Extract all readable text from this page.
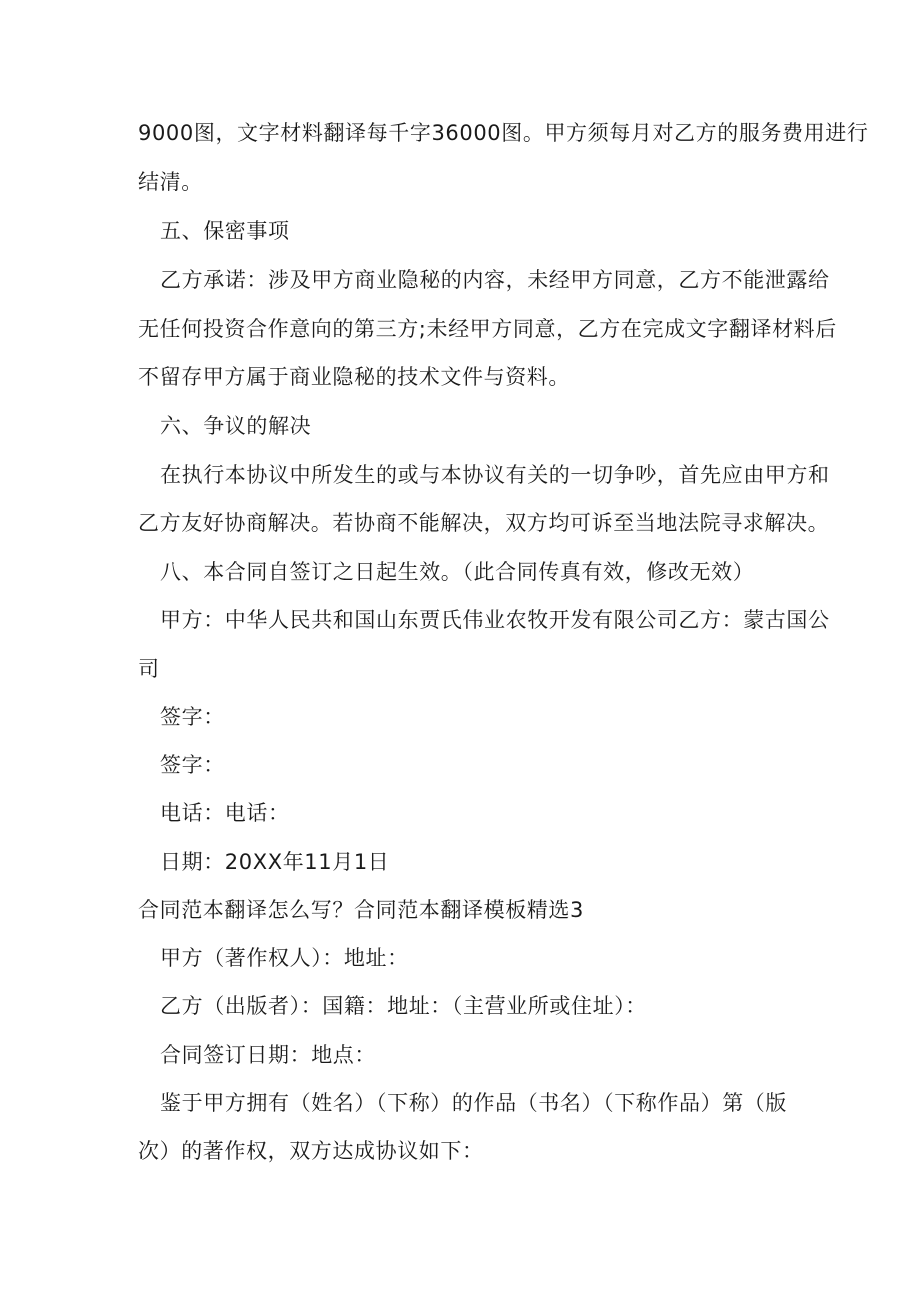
9000图，文字材料翻译每千字36000图。甲方须每月对乙方的服务费用进行
结清。
五、保密事项
乙方承诺：涉及甲方商业隐秘的内容，未经甲方同意，乙方不能泄露给
无任何投资合作意向的第三方;未经甲方同意，乙方在完成文字翻译材料后
不留存甲方属于商业隐秘的技术文件与资料。
六、争议的解决
在执行本协议中所发生的或与本协议有关的一切争吵，首先应由甲方和
乙方友好协商解决。若协商不能解决，双方均可诉至当地法院寻求解决。
八、本合同自签订之日起生效。（此合同传真有效，修改无效）
甲方：中华人民共和国山东贾氏伟业农牧开发有限公司乙方：蒙古国公
司
签字：
签字：
电话：电话：
日期：20XX年11月1日
合同范本翻译怎么写？合同范本翻译模板精选3
甲方（著作权人）：地址：
乙方（出版者）：国籍：地址：（主营业所或住址）：
合同签订日期：地点：
鉴于甲方拥有（姓名）（下称）的作品（书名）（下称作品）第（版
次）的著作权，双方达成协议如下：
